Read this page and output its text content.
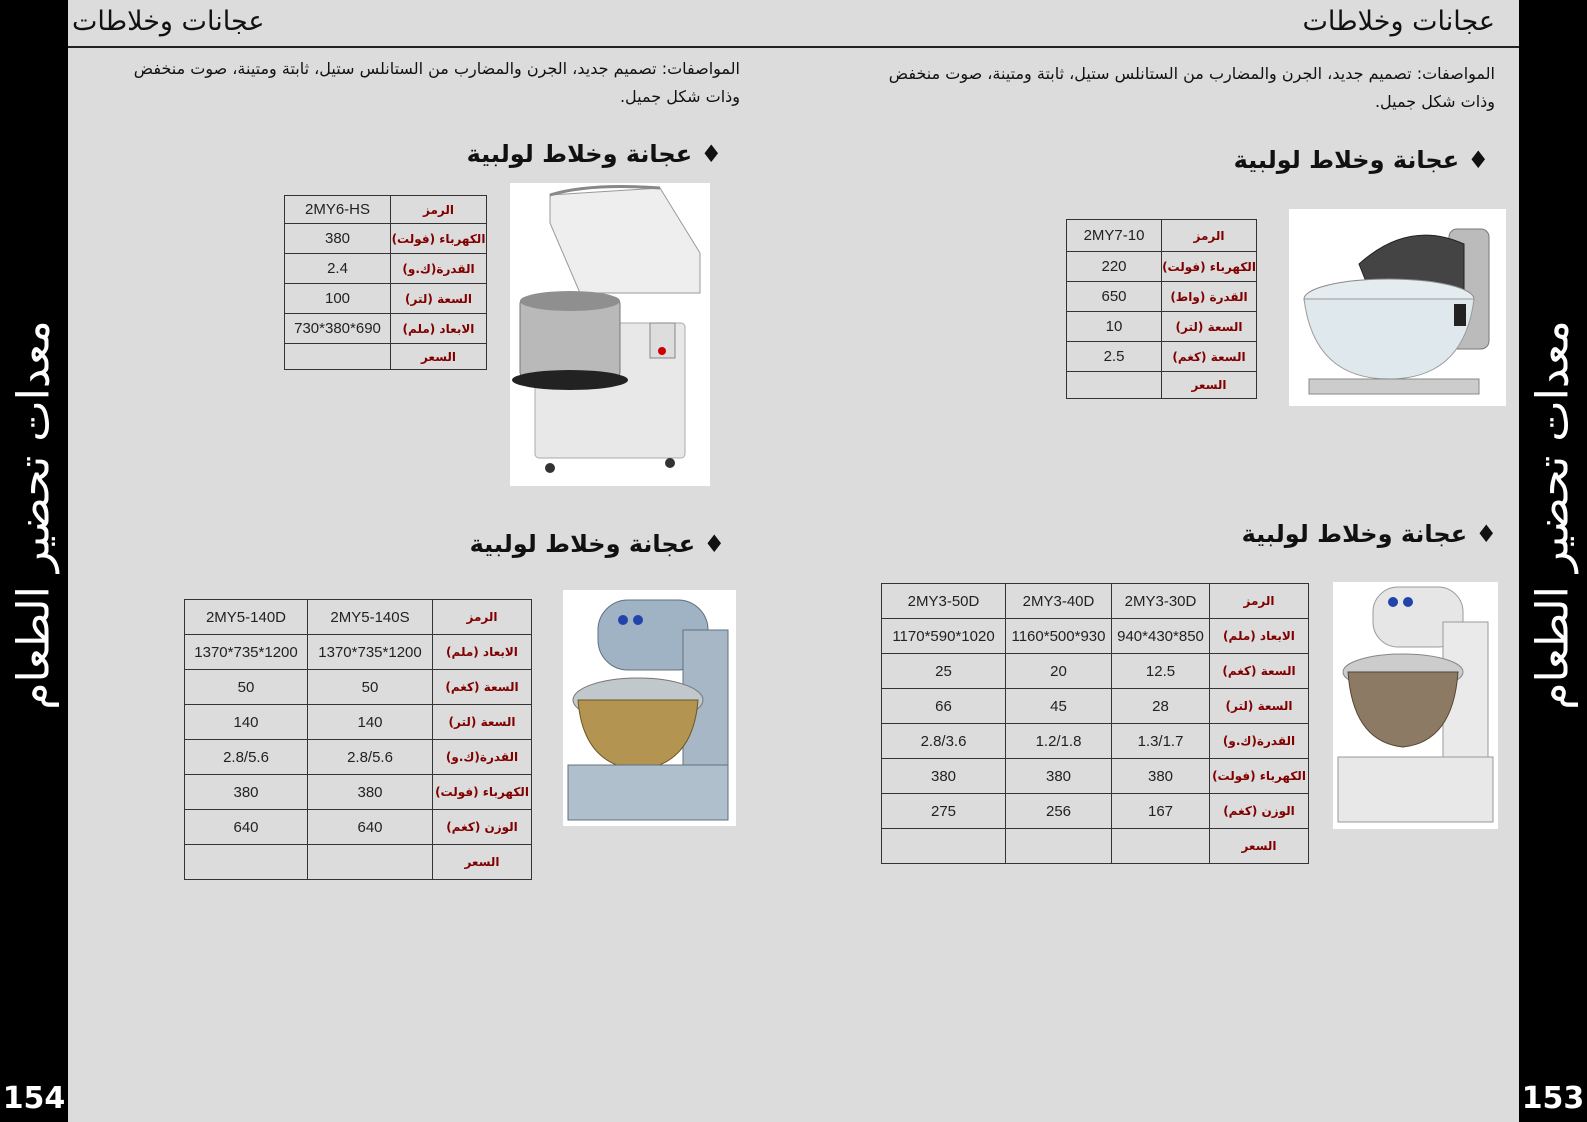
معدات تحضير الطعام
154
معدات تحضير الطعام
153
عجانات وخلاطات
المواصفات: تصميم جديد، الجرن والمضارب من الستانلس ستيل، ثابتة ومتينة، صوت منخفض وذات شكل جميل.
♦ عجانة وخلاط لولبية
الرمز	2MY6-HS
الكهرباء (فولت)	380
القدرة(ك.و)	2.4
السعة (لتر)	100
الابعاد (ملم)	690*380*730
السعر	
♦ عجانة وخلاط لولبية
الرمز	2MY5-140S	2MY5-140D
الابعاد (ملم)	1200*735*1370	1200*735*1370
السعة (كغم)	50	50
السعة (لتر)	140	140
القدرة(ك.و)	2.8/5.6	2.8/5.6
الكهرباء (فولت)	380	380
الوزن (كغم)	640	640
السعر		
عجانات وخلاطات
المواصفات: تصميم جديد، الجرن والمضارب من الستانلس ستيل، ثابتة ومتينة، صوت منخفض وذات شكل جميل.
♦ عجانة وخلاط لولبية
الرمز	2MY7-10
الكهرباء (فولت)	220
القدرة (واط)	650
السعة (لتر)	10
السعة (كغم)	2.5
السعر	
♦ عجانة وخلاط لولبية
الرمز	2MY3-30D	2MY3-40D	2MY3-50D
الابعاد (ملم)	850*430*940	930*500*1160	1020*590*1170
السعة (كغم)	12.5	20	25
السعة (لتر)	28	45	66
القدرة(ك.و)	1.3/1.7	1.2/1.8	2.8/3.6
الكهرباء (فولت)	380	380	380
الوزن (كغم)	167	256	275
السعر			
